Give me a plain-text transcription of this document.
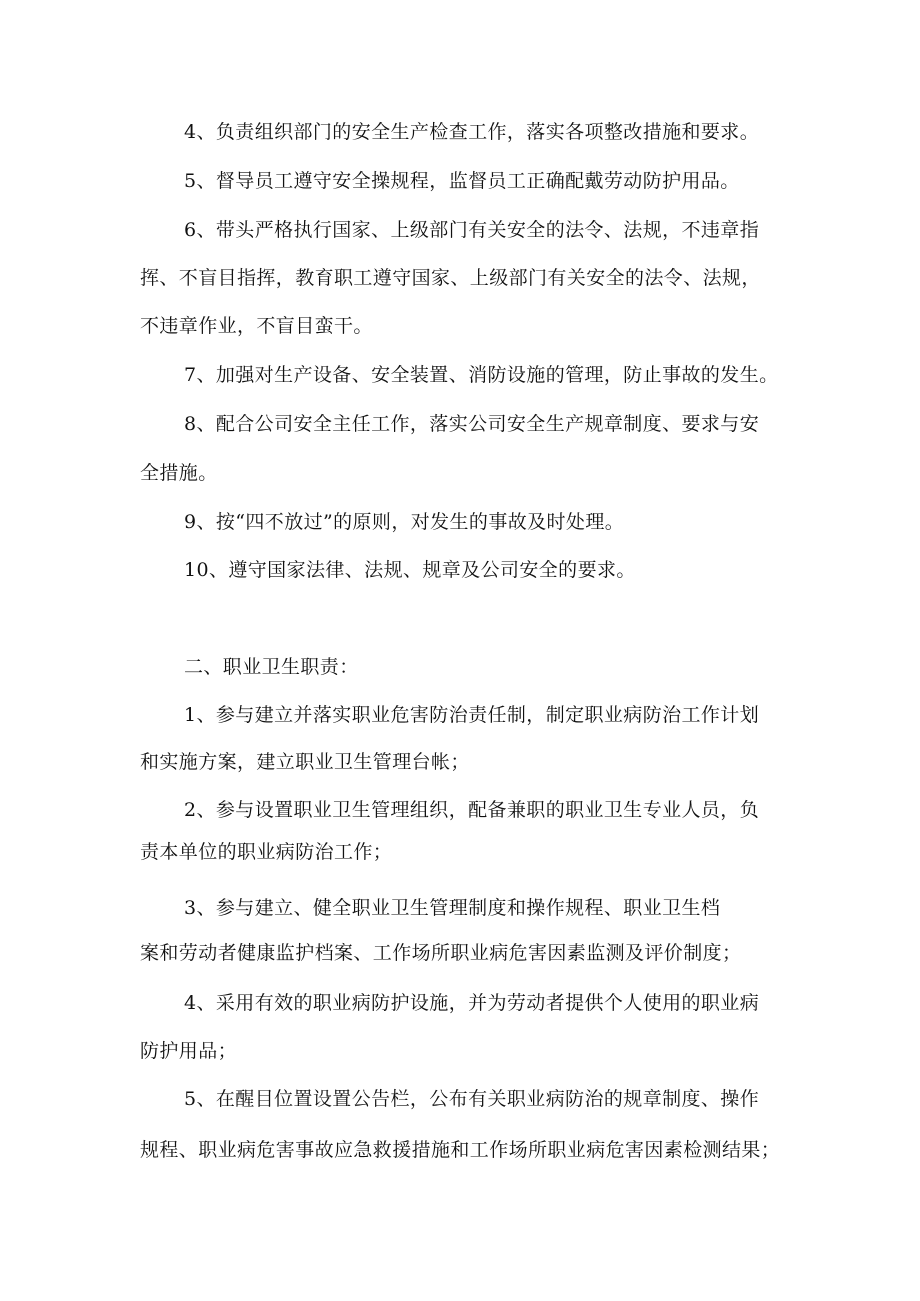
4、负责组织部门的安全生产检查工作，落实各项整改措施和要求。
5、督导员工遵守安全操规程，监督员工正确配戴劳动防护用品。
6、带头严格执行国家、上级部门有关安全的法令、法规，不违章指
挥、不盲目指挥，教育职工遵守国家、上级部门有关安全的法令、法规，
不违章作业，不盲目蛮干。
7、加强对生产设备、安全装置、消防设施的管理，防止事故的发生。
8、配合公司安全主任工作，落实公司安全生产规章制度、要求与安
全措施。
9、按“四不放过”的原则，对发生的事故及时处理。
10、遵守国家法律、法规、规章及公司安全的要求。
二、职业卫生职责：
1、参与建立并落实职业危害防治责任制，制定职业病防治工作计划
和实施方案，建立职业卫生管理台帐；
2、参与设置职业卫生管理组织，配备兼职的职业卫生专业人员，负
责本单位的职业病防治工作；
3、参与建立、健全职业卫生管理制度和操作规程、职业卫生档
案和劳动者健康监护档案、工作场所职业病危害因素监测及评价制度；
4、采用有效的职业病防护设施，并为劳动者提供个人使用的职业病
防护用品；
5、在醒目位置设置公告栏，公布有关职业病防治的规章制度、操作
规程、职业病危害事故应急救援措施和工作场所职业病危害因素检测结果；
